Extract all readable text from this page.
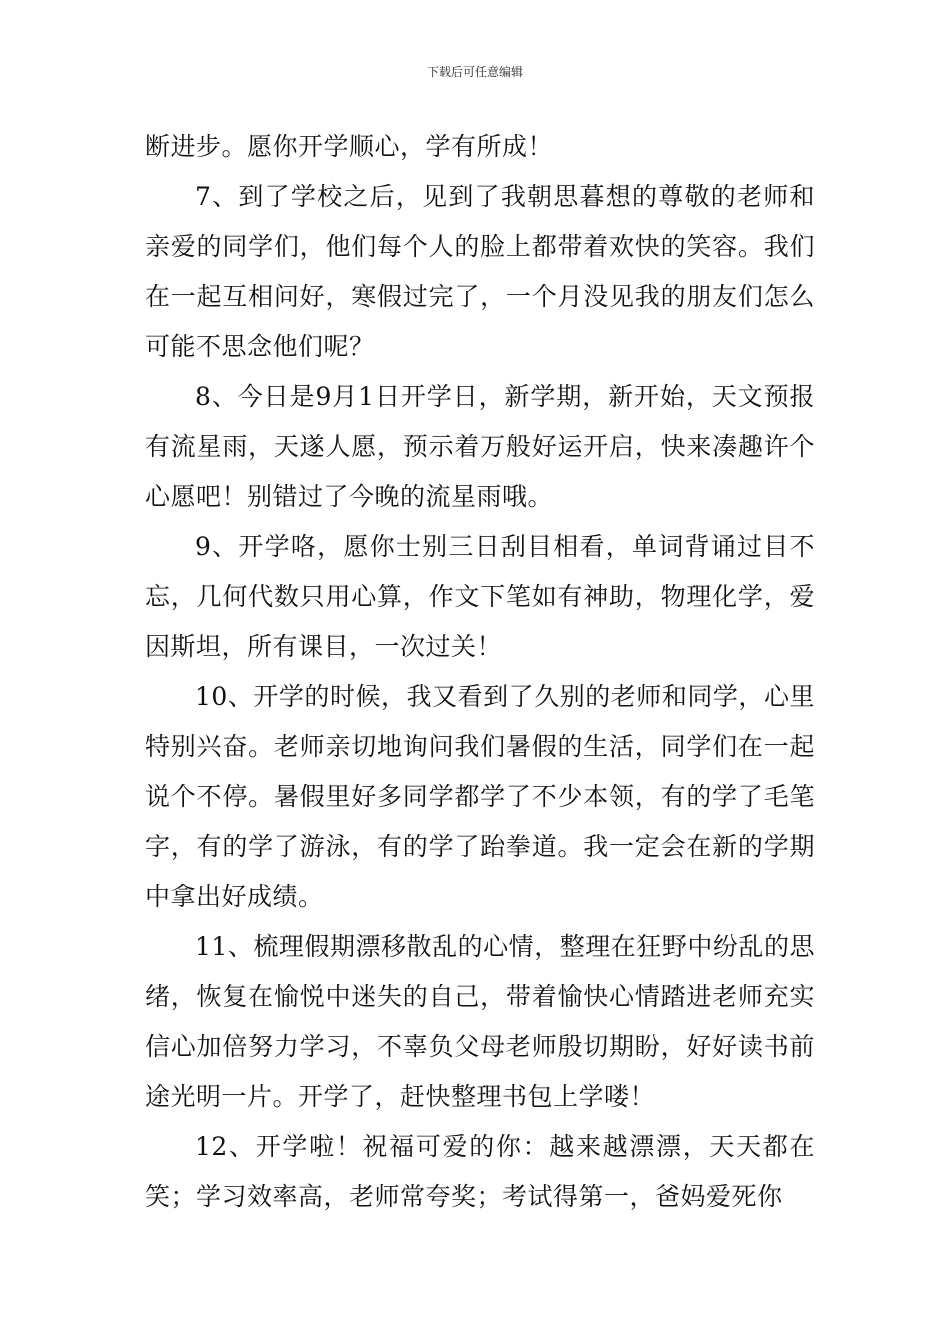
下载后可任意编辑

断进步。愿你开学顺心，学有所成！

7、到了学校之后，见到了我朝思暮想的尊敬的老师和亲爱的同学们，他们每个人的脸上都带着欢快的笑容。我们在一起互相问好，寒假过完了，一个月没见我的朋友们怎么可能不思念他们呢？

8、今日是9月1日开学日，新学期，新开始，天文预报有流星雨，天遂人愿，预示着万般好运开启，快来凑趣许个心愿吧！别错过了今晚的流星雨哦。

9、开学咯，愿你士别三日刮目相看，单词背诵过目不忘，几何代数只用心算，作文下笔如有神助，物理化学，爱因斯坦，所有课目，一次过关！

10、开学的时候，我又看到了久别的老师和同学，心里特别兴奋。老师亲切地询问我们暑假的生活，同学们在一起说个不停。暑假里好多同学都学了不少本领，有的学了毛笔字，有的学了游泳，有的学了跆拳道。我一定会在新的学期中拿出好成绩。

11、梳理假期漂移散乱的心情，整理在狂野中纷乱的思绪，恢复在愉悦中迷失的自己，带着愉快心情踏进老师充实信心加倍努力学习，不辜负父母老师殷切期盼，好好读书前途光明一片。开学了，赶快整理书包上学喽！

12、开学啦！祝福可爱的你：越来越漂漂，天天都在笑；学习效率高，老师常夸奖；考试得第一，爸妈爱死你
